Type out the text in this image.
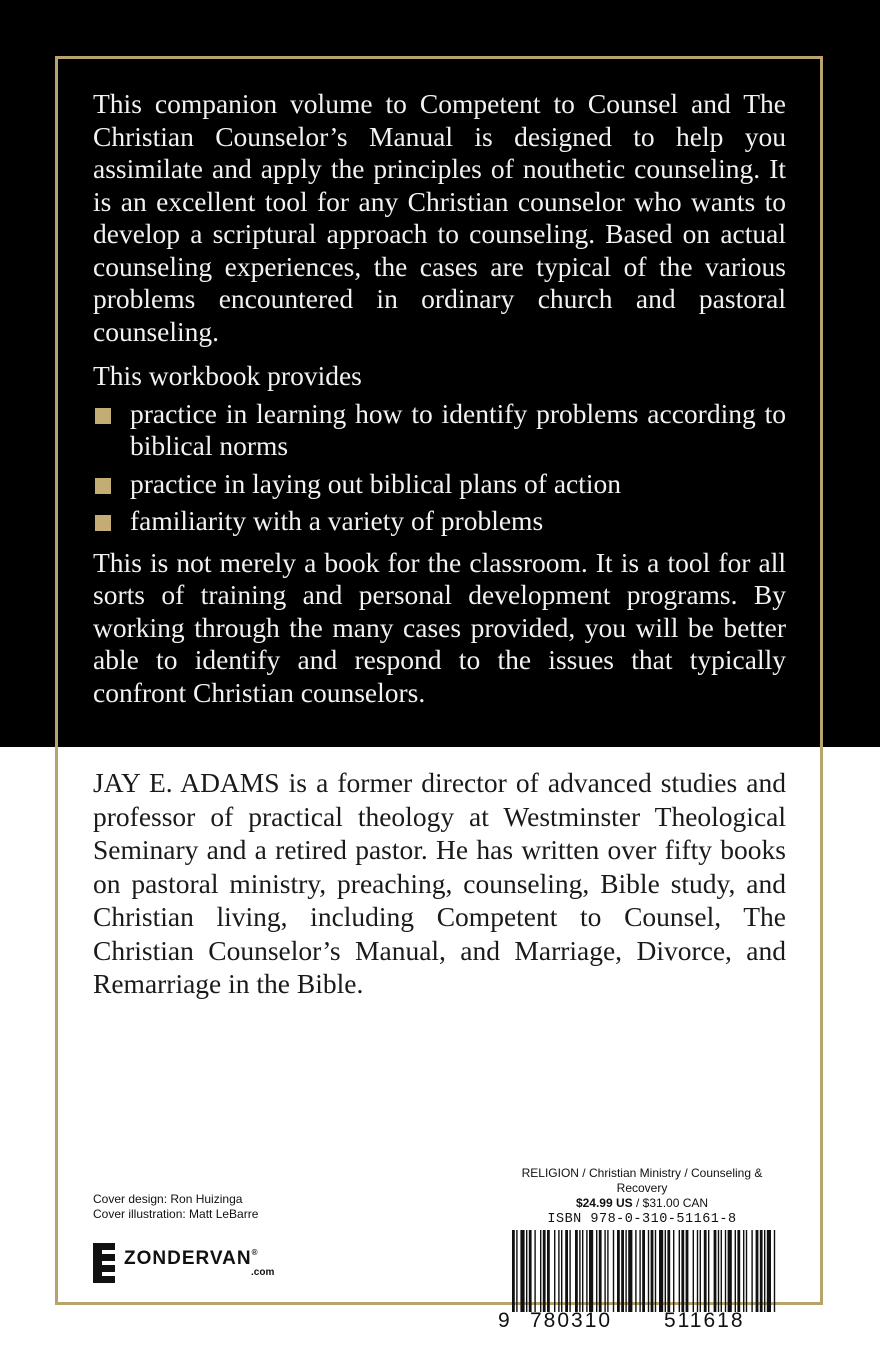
This companion volume to Competent to Counsel and The Christian Counselor’s Manual is designed to help you assimilate and apply the principles of nouthetic counseling. It is an excellent tool for any Christian counselor who wants to develop a scriptural approach to counseling. Based on actual counseling experiences, the cases are typical of the various problems encountered in ordinary church and pastoral counseling.

This workbook provides

practice in learning how to identify problems according to biblical norms
practice in laying out biblical plans of action
familiarity with a variety of problems

This is not merely a book for the classroom. It is a tool for all sorts of training and personal development programs. By working through the many cases provided, you will be better able to identify and respond to the issues that typically confront Christian counselors.

JAY E. ADAMS is a former director of advanced studies and professor of practical theology at Westminster Theological Seminary and a retired pastor. He has written over fifty books on pastoral ministry, preaching, counseling, Bible study, and Christian living, including Competent to Counsel, The Christian Counselor’s Manual, and Marriage, Divorce, and Remarriage in the Bible.

Cover design: Ron Huizinga
Cover illustration: Matt LeBarre
ZONDERVAN®
.com
RELIGION / Christian Ministry / Counseling & Recovery
$24.99 US / $31.00 CAN
ISBN 978-0-310-51161-8
9 780310 511618
